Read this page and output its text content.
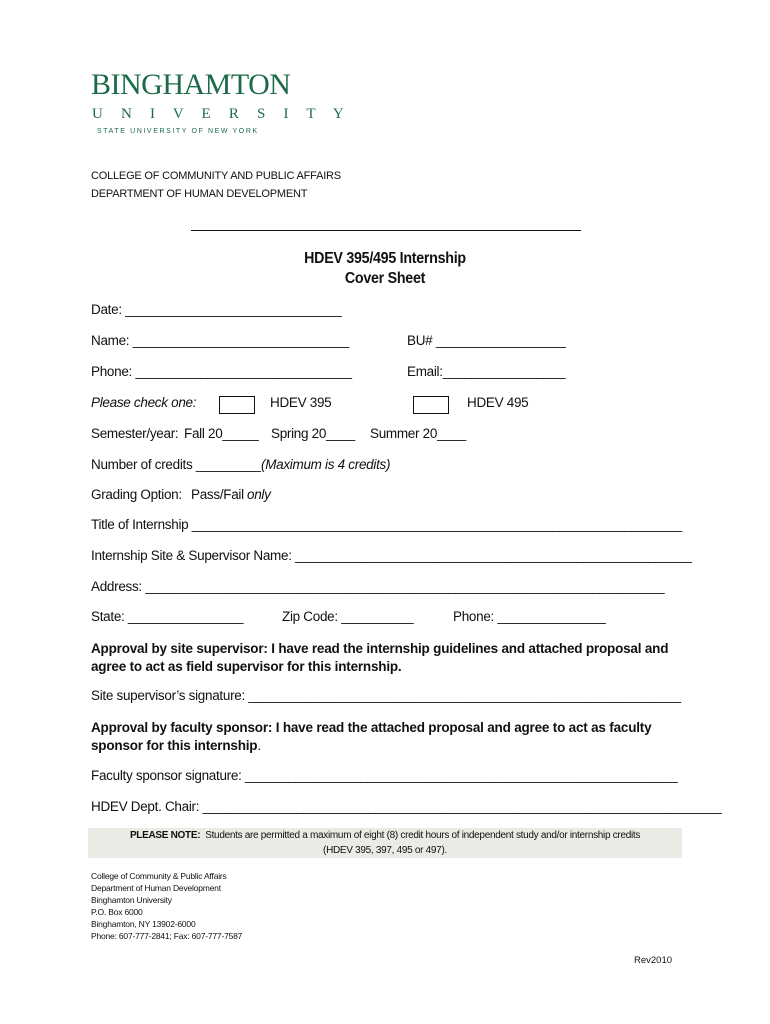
BINGHAMTON
U N I V E R S I T Y
STATE UNIVERSITY OF NEW YORK
COLLEGE OF COMMUNITY AND PUBLIC AFFAIRS
DEPARTMENT OF HUMAN DEVELOPMENT
HDEV 395/495 Internship
Cover Sheet
Date: ______________________________
Name: ______________________________	BU# __________________
Phone: ______________________________	Email:_________________
Please check one:	HDEV 395	HDEV 495
Semester/year: Fall 20_____ Spring 20____ Summer 20____
Number of credits _________ (Maximum is 4 credits)
Grading Option: Pass/Fail only
Title of Internship ____________________________________________________________________
Internship Site & Supervisor Name: _______________________________________________________
Address: ________________________________________________________________________
State: ________________	Zip Code: __________	Phone: _______________
Approval by site supervisor: I have read the internship guidelines and attached proposal and agree to act as field supervisor for this internship.
Site supervisor’s signature: ____________________________________________________________
Approval by faculty sponsor: I have read the attached proposal and agree to act as faculty sponsor for this internship.
Faculty sponsor signature: ____________________________________________________________
HDEV Dept. Chair: ________________________________________________________________________
PLEASE NOTE: Students are permitted a maximum of eight (8) credit hours of independent study and/or internship credits
(HDEV 395, 397, 495 or 497).
College of Community & Public Affairs
Department of Human Development
Binghamton University
P.O. Box 6000
Binghamton, NY 13902-6000
Phone: 607-777-2841; Fax: 607-777-7587
Rev2010
